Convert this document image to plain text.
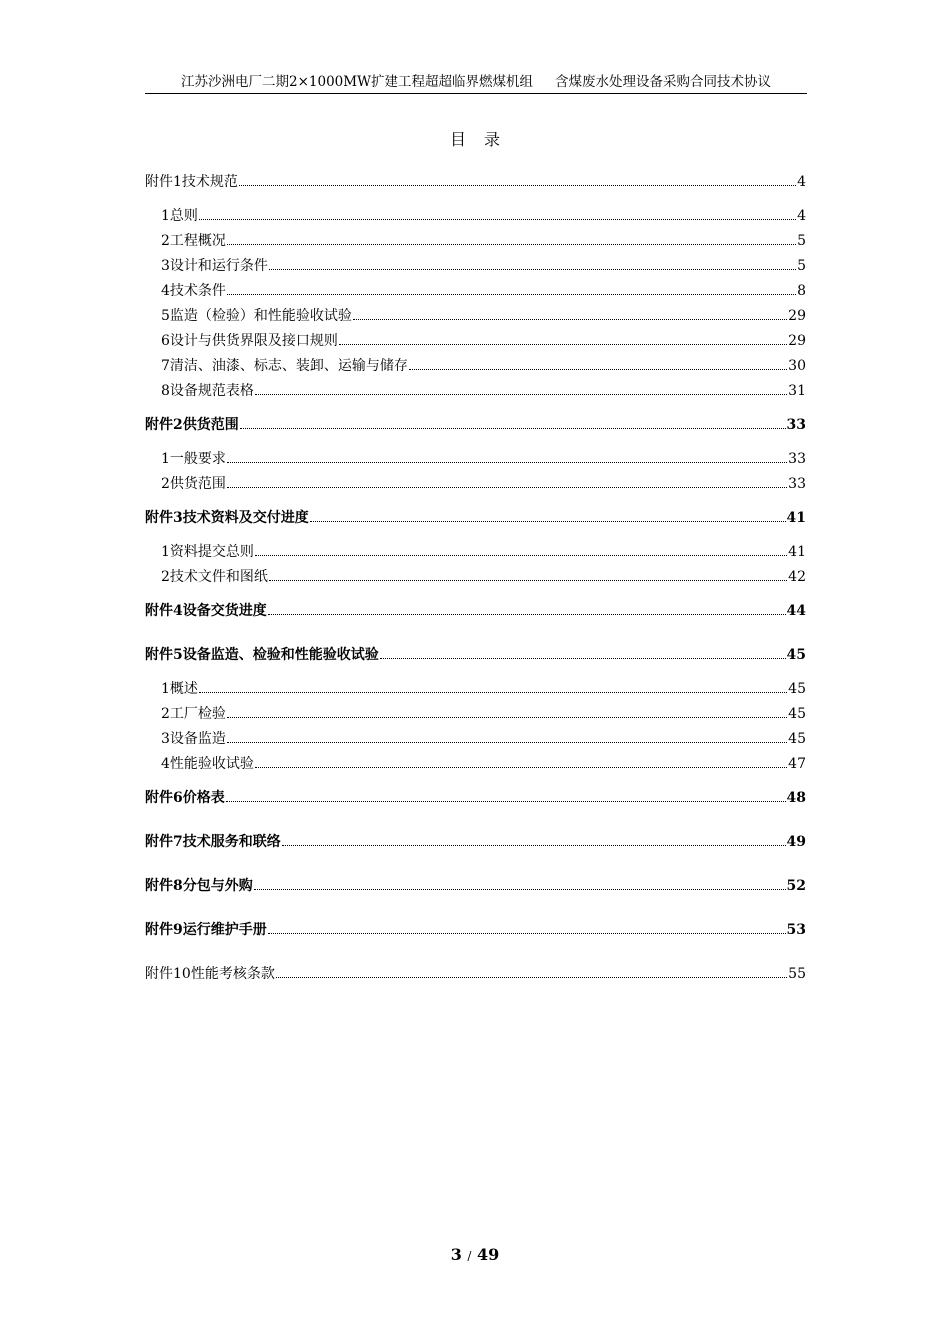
江苏沙洲电厂二期2×1000MW扩建工程超超临界燃煤机组 含煤废水处理设备采购合同技术协议
目录
附件1技术规范	4
1总则	4
2工程概况	5
3设计和运行条件	5
4技术条件	8
5监造（检验）和性能验收试验	29
6设计与供货界限及接口规则	29
7清洁、油漆、标志、装卸、运输与储存	30
8设备规范表格	31
附件2供货范围	33
1一般要求	33
2供货范围	33
附件3技术资料及交付进度	41
1资料提交总则	41
2技术文件和图纸	42
附件4设备交货进度	44
附件5设备监造、检验和性能验收试验	45
1概述	45
2工厂检验	45
3设备监造	45
4性能验收试验	47
附件6价格表	48
附件7技术服务和联络	49
附件8分包与外购	52
附件9运行维护手册	53
附件10性能考核条款	55
3 / 49
